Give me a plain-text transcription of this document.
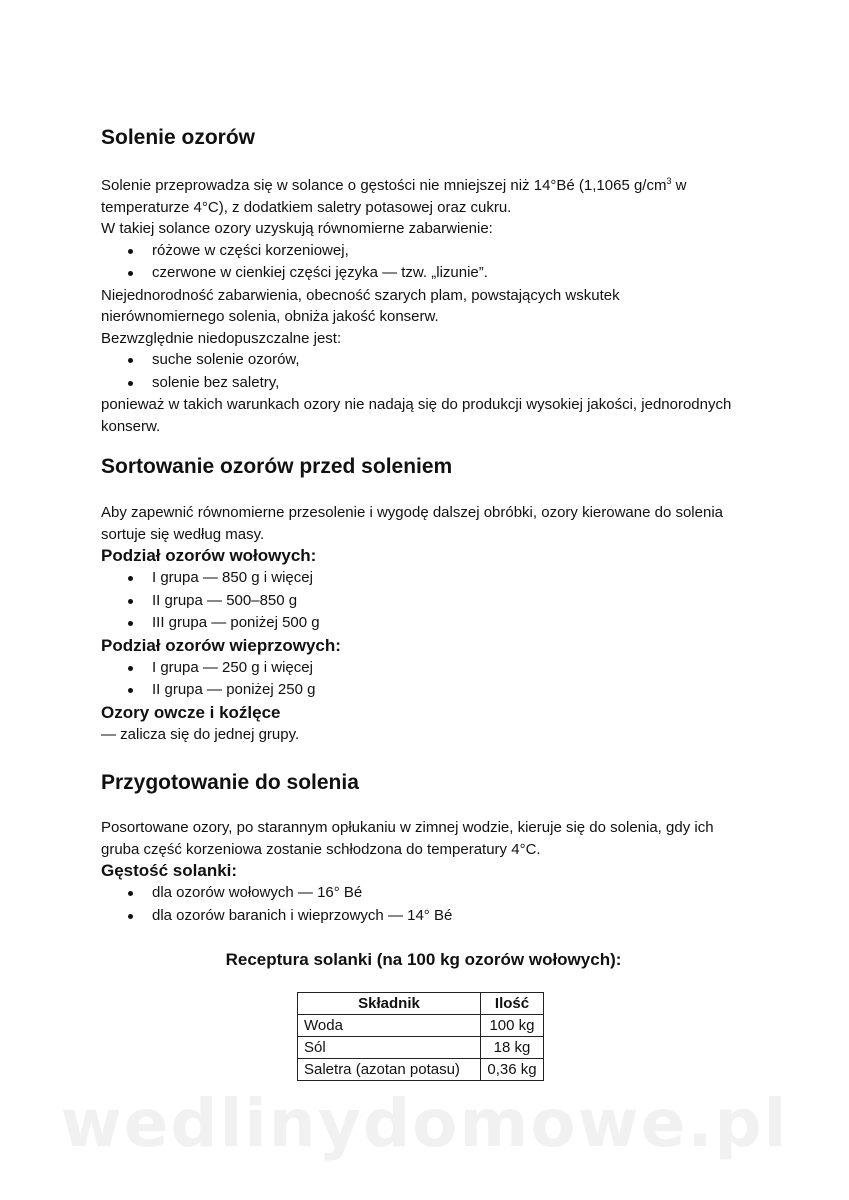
Solenie ozorów

Solenie przeprowadza się w solance o gęstości nie mniejszej niż 14°Bé (1,1065 $g/cm^3$ w temperaturze 4°C), z dodatkiem saletry potasowej oraz cukru.

W takiej solance ozory uzyskują równomierne zabarwienie:

różowe w części korzeniowej,
czerwone w cienkiej części języka — tzw. „lizunie”.

Niejednorodność zabarwienia, obecność szarych plam, powstających wskutek nierównomiernego solenia, obniża jakość konserw.

Bezwzględnie niedopuszczalne jest:

suche solenie ozorów,
solenie bez saletry,

ponieważ w takich warunkach ozory nie nadają się do produkcji wysokiej jakości, jednorodnych konserw.

Sortowanie ozorów przed soleniem

Aby zapewnić równomierne przesolenie i wygodę dalszej obróbki, ozory kierowane do solenia sortuje się według masy.

Podział ozorów wołowych:
I grupa — 850 g i więcej
II grupa — 500–850 g
III grupa — poniżej 500 g
Podział ozorów wieprzowych:
I grupa — 250 g i więcej
II grupa — poniżej 250 g
Ozory owcze i koźlęce

— zalicza się do jednej grupy.

Przygotowanie do solenia

Posortowane ozory, po starannym opłukaniu w zimnej wodzie, kieruje się do solenia, gdy ich gruba część korzeniowa zostanie schłodzona do temperatury 4°C.

Gęstość solanki:
dla ozorów wołowych — 16° Bé
dla ozorów baranich i wieprzowych — 14° Bé
Receptura solanki (na 100 kg ozorów wołowych):
Składnik	Ilość
Woda	100 kg
Sól	18 kg
Saletra (azotan potasu)	0,36 kg
wedlinydomowe.pl
